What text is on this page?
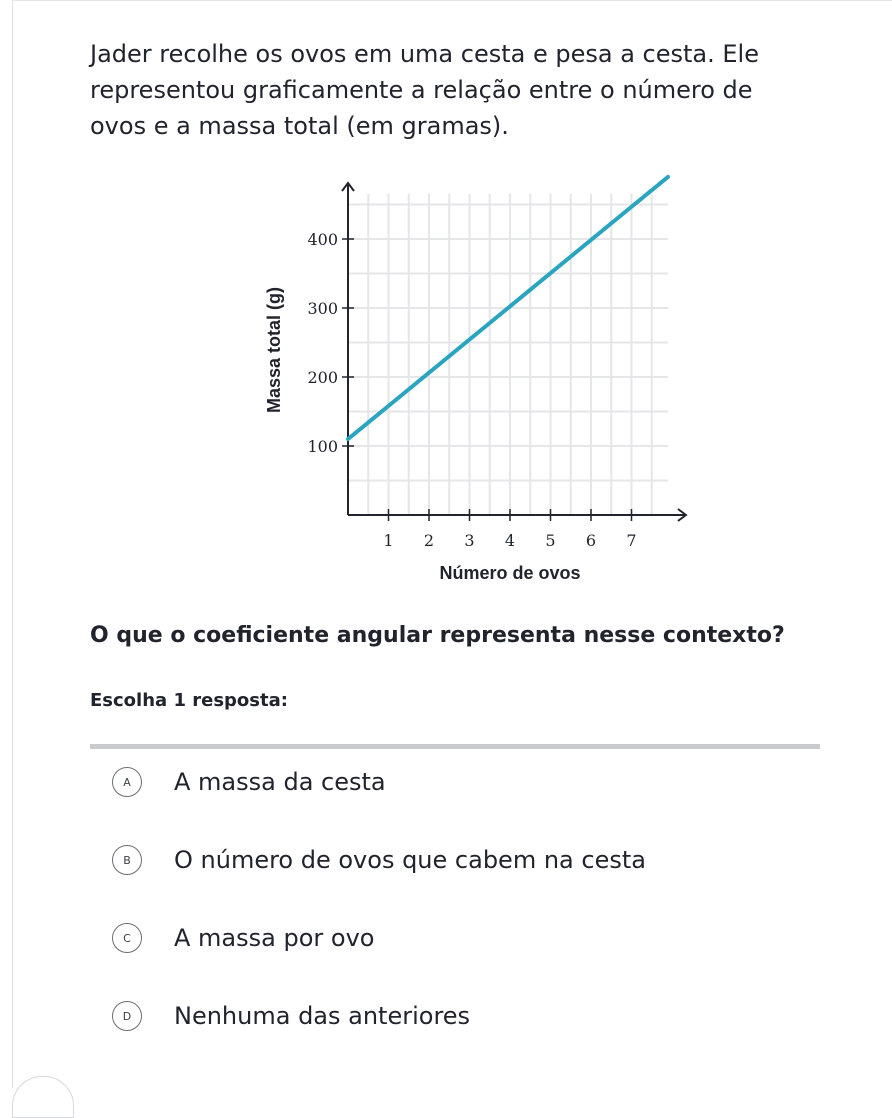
Jader recolhe os ovos em uma cesta e pesa a cesta. Ele representou graficamente a relação entre o número de ovos e a massa total (em gramas).

1 2 3 4 5 6 7
100
200
300
400
Número de ovos
Massa total (g)

O que o coeficiente angular representa nesse contexto?

Escolha 1 resposta:

A	A massa da cesta
B	O número de ovos que cabem na cesta
C	A massa por ovo
D	Nenhuma das anteriores
